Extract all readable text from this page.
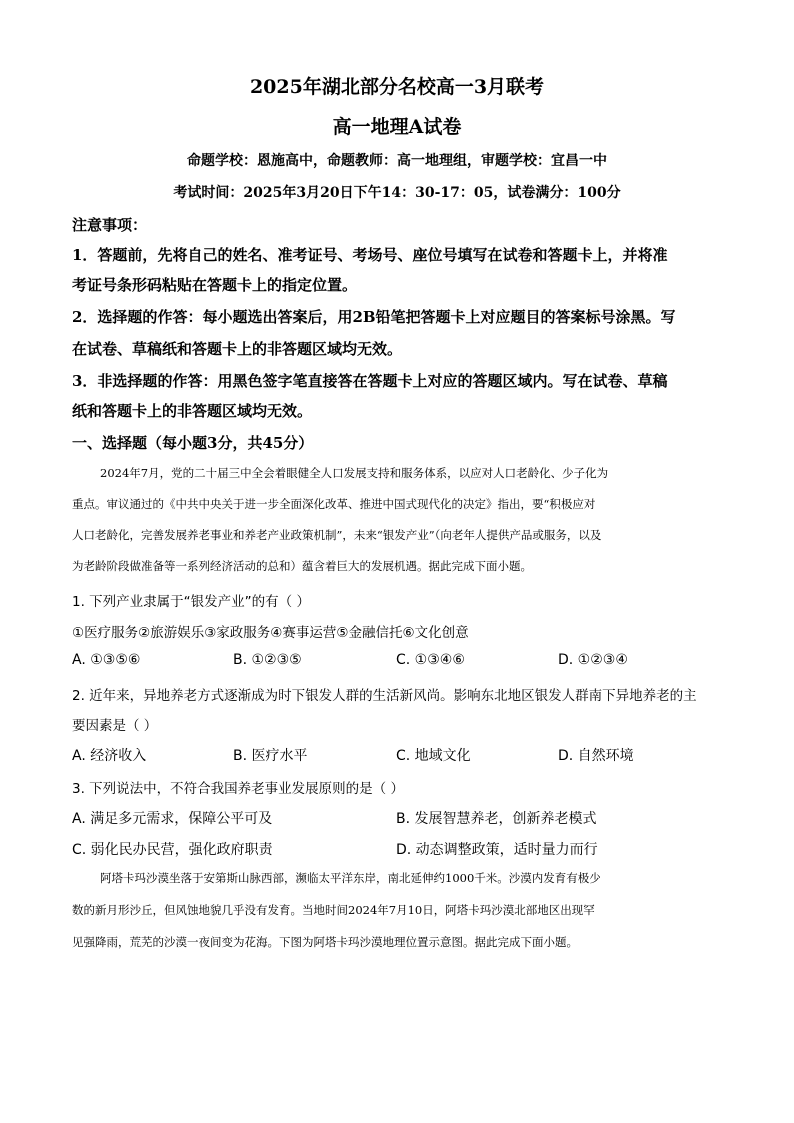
2025年湖北部分名校高一3月联考
高一地理A试卷
命题学校：恩施高中，命题教师：高一地理组，审题学校：宜昌一中
考试时间：2025年3月20日下午14：30-17：05，试卷满分：100分
注意事项：
1．答题前，先将自己的姓名、准考证号、考场号、座位号填写在试卷和答题卡上，并将准
考证号条形码粘贴在答题卡上的指定位置。
2．选择题的作答：每小题选出答案后，用2B铅笔把答题卡上对应题目的答案标号涂黑。写
在试卷、草稿纸和答题卡上的非答题区域均无效。
3．非选择题的作答：用黑色签字笔直接答在答题卡上对应的答题区域内。写在试卷、草稿
纸和答题卡上的非答题区域均无效。
一、选择题（每小题3分，共45分）
2024年7月，党的二十届三中全会着眼健全人口发展支持和服务体系，以应对人口老龄化、少子化为
重点。审议通过的《中共中央关于进一步全面深化改革、推进中国式现代化的决定》指出，要“积极应对
人口老龄化，完善发展养老事业和养老产业政策机制”，未来“银发产业”（向老年人提供产品或服务，以及
为老龄阶段做准备等一系列经济活动的总和）蕴含着巨大的发展机遇。据此完成下面小题。
1. 下列产业隶属于“银发产业”的有（ ）
①医疗服务②旅游娱乐③家政服务④赛事运营⑤金融信托⑥文化创意
A. ①③⑤⑥	B. ①②③⑤	C. ①③④⑥	D. ①②③④
2. 近年来，异地养老方式逐渐成为时下银发人群的生活新风尚。影响东北地区银发人群南下异地养老的主
要因素是（ ）
A. 经济收入	B. 医疗水平	C. 地域文化	D. 自然环境
3. 下列说法中，不符合我国养老事业发展原则的是（ ）
A. 满足多元需求，保障公平可及	B. 发展智慧养老，创新养老模式
C. 弱化民办民营，强化政府职责	D. 动态调整政策，适时量力而行
阿塔卡玛沙漠坐落于安第斯山脉西部，濒临太平洋东岸，南北延伸约1000千米。沙漠内发育有极少
数的新月形沙丘，但风蚀地貌几乎没有发育。当地时间2024年7月10日，阿塔卡玛沙漠北部地区出现罕
见强降雨，荒芜的沙漠一夜间变为花海。下图为阿塔卡玛沙漠地理位置示意图。据此完成下面小题。
